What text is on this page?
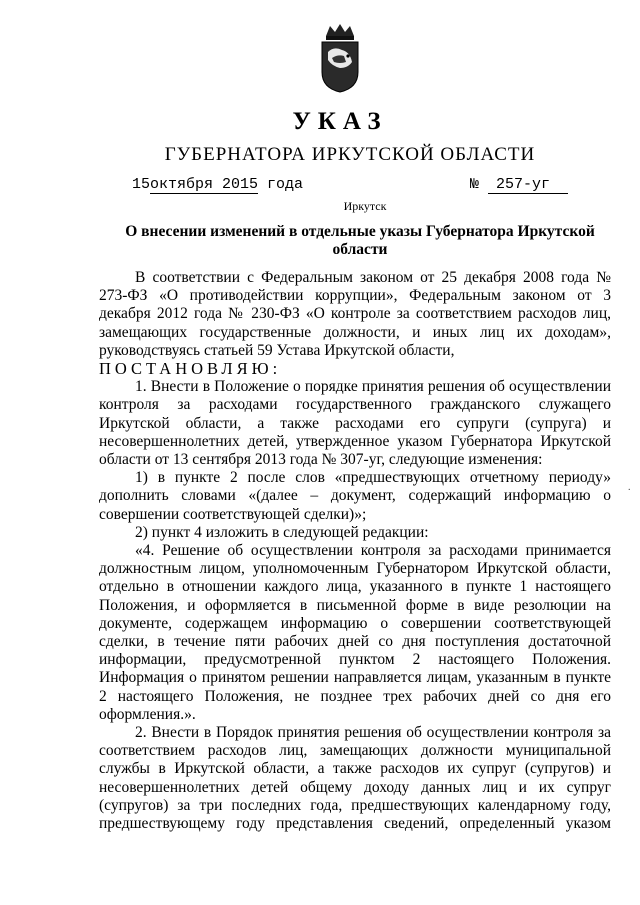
УКАЗ
ГУБЕРНАТОРА ИРКУТСКОЙ ОБЛАСТИ
15октября 2015 года	№ 257-уг
Иркутск
О внесении изменений в отдельные указы Губернатора Иркутской области

В соответствии с Федеральным законом от 25 декабря 2008 года № 273-ФЗ «О противодействии коррупции», Федеральным законом от 3 декабря 2012 года № 230-ФЗ «О контроле за соответствием расходов лиц, замещающих государственные должности, и иных лиц их доходам», руководствуясь статьей 59 Устава Иркутской области,

ПОСТАНОВЛЯЮ:

1. Внести в Положение о порядке принятия решения об осуществлении контроля за расходами государственного гражданского служащего Иркутской области, а также расходами его супруги (супруга) и несовершеннолетних детей, утвержденное указом Губернатора Иркутской области от 13 сентября 2013 года № 307-уг, следующие изменения:

1) в пункте 2 после слов «предшествующих отчетному периоду» дополнить словами «(далее – документ, содержащий информацию о совершении соответствующей сделки)»;

2) пункт 4 изложить в следующей редакции:

«4. Решение об осуществлении контроля за расходами принимается должностным лицом, уполномоченным Губернатором Иркутской области, отдельно в отношении каждого лица, указанного в пункте 1 настоящего Положения, и оформляется в письменной форме в виде резолюции на документе, содержащем информацию о совершении соответствующей сделки, в течение пяти рабочих дней со дня поступления достаточной информации, предусмотренной пунктом 2 настоящего Положения. Информация о принятом решении направляется лицам, указанным в пункте 2 настоящего Положения, не позднее трех рабочих дней со дня его оформления.».

2. Внести в Порядок принятия решения об осуществлении контроля за соответствием расходов лиц, замещающих должности муниципальной службы в Иркутской области, а также расходов их супруг (супругов) и несовершеннолетних детей общему доходу данных лиц и их супруг (супругов) за три последних года, предшествующих календарному году, предшествующему году представления сведений, определенный указом

.
